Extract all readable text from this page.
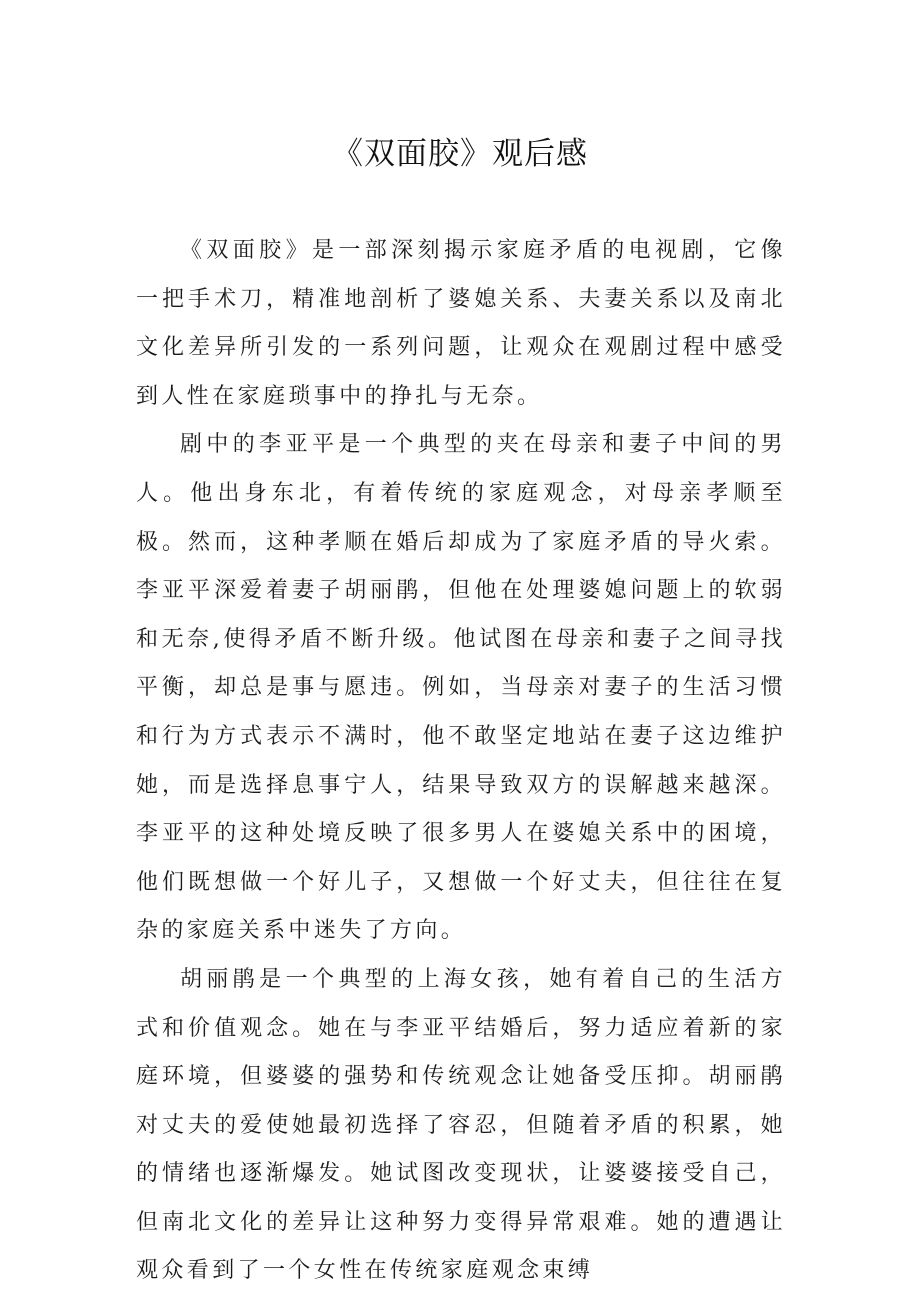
《双面胶》观后感

《双面胶》是一部深刻揭示家庭矛盾的电视剧，它像一把手术刀，精准地剖析了婆媳关系、夫妻关系以及南北文化差异所引发的一系列问题，让观众在观剧过程中感受到人性在家庭琐事中的挣扎与无奈。

剧中的李亚平是一个典型的夹在母亲和妻子中间的男人。他出身东北，有着传统的家庭观念，对母亲孝顺至极。然而，这种孝顺在婚后却成为了家庭矛盾的导火索。李亚平深爱着妻子胡丽鹃，但他在处理婆媳问题上的软弱和无奈,使得矛盾不断升级。他试图在母亲和妻子之间寻找平衡，却总是事与愿违。例如，当母亲对妻子的生活习惯和行为方式表示不满时，他不敢坚定地站在妻子这边维护她，而是选择息事宁人，结果导致双方的误解越来越深。李亚平的这种处境反映了很多男人在婆媳关系中的困境，他们既想做一个好儿子，又想做一个好丈夫，但往往在复杂的家庭关系中迷失了方向。

胡丽鹃是一个典型的上海女孩，她有着自己的生活方式和价值观念。她在与李亚平结婚后，努力适应着新的家庭环境，但婆婆的强势和传统观念让她备受压抑。胡丽鹃对丈夫的爱使她最初选择了容忍，但随着矛盾的积累，她的情绪也逐渐爆发。她试图改变现状，让婆婆接受自己，但南北文化的差异让这种努力变得异常艰难。她的遭遇让观众看到了一个女性在传统家庭观念束缚
